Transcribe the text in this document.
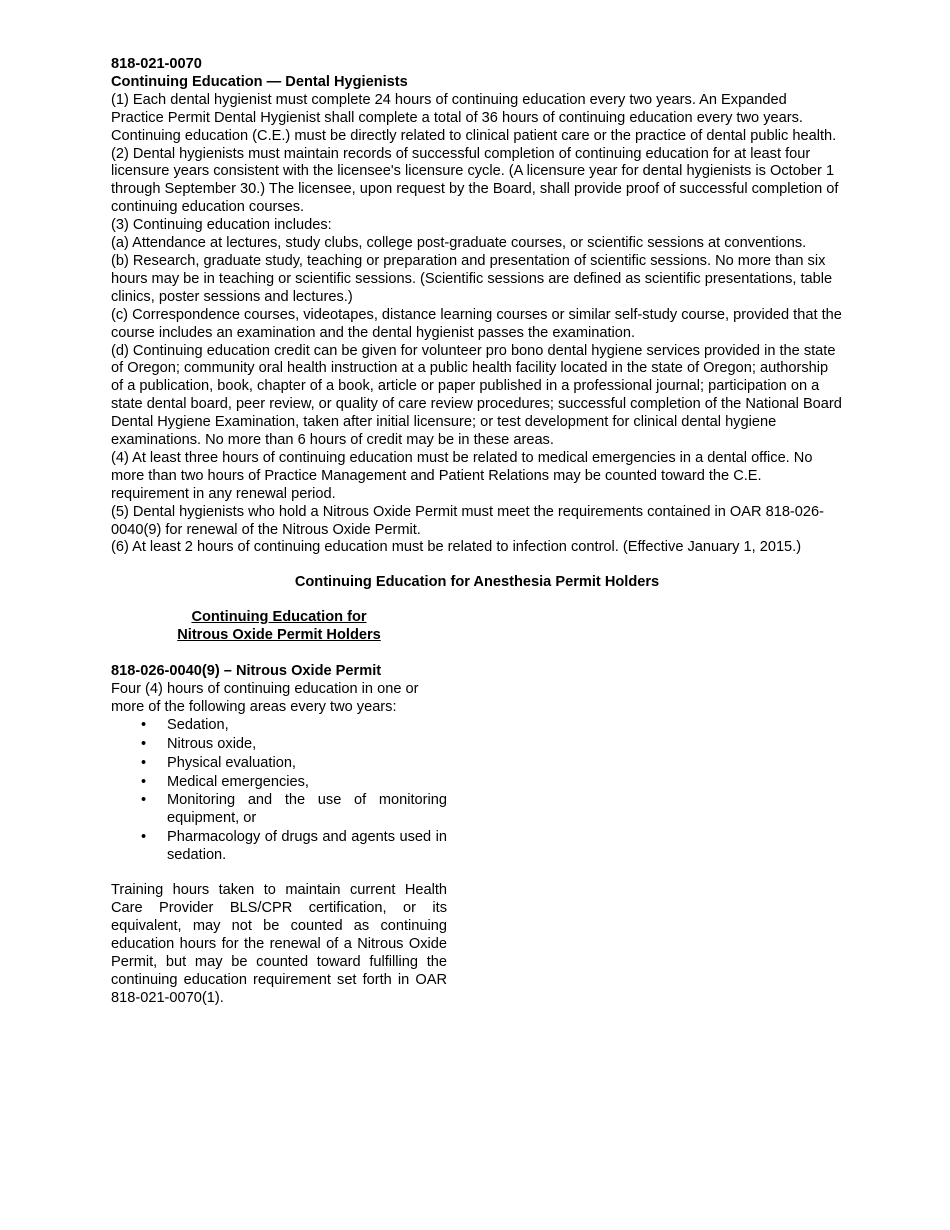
818-021-0070
Continuing Education — Dental Hygienists

(1) Each dental hygienist must complete 24 hours of continuing education every two years. An Expanded Practice Permit Dental Hygienist shall complete a total of 36 hours of continuing education every two years. Continuing education (C.E.) must be directly related to clinical patient care or the practice of dental public health.

(2) Dental hygienists must maintain records of successful completion of continuing education for at least four licensure years consistent with the licensee's licensure cycle. (A licensure year for dental hygienists is October 1 through September 30.) The licensee, upon request by the Board, shall provide proof of successful completion of continuing education courses.

(3) Continuing education includes:

(a) Attendance at lectures, study clubs, college post-graduate courses, or scientific sessions at conventions.

(b) Research, graduate study, teaching or preparation and presentation of scientific sessions. No more than six hours may be in teaching or scientific sessions. (Scientific sessions are defined as scientific presentations, table clinics, poster sessions and lectures.)

(c) Correspondence courses, videotapes, distance learning courses or similar self-study course, provided that the course includes an examination and the dental hygienist passes the examination.

(d) Continuing education credit can be given for volunteer pro bono dental hygiene services provided in the state of Oregon; community oral health instruction at a public health facility located in the state of Oregon; authorship of a publication, book, chapter of a book, article or paper published in a professional journal; participation on a state dental board, peer review, or quality of care review procedures; successful completion of the National Board Dental Hygiene Examination, taken after initial licensure; or test development for clinical dental hygiene examinations. No more than 6 hours of credit may be in these areas.

(4) At least three hours of continuing education must be related to medical emergencies in a dental office. No more than two hours of Practice Management and Patient Relations may be counted toward the C.E. requirement in any renewal period.

(5) Dental hygienists who hold a Nitrous Oxide Permit must meet the requirements contained in OAR 818-026-0040(9) for renewal of the Nitrous Oxide Permit.

(6) At least 2 hours of continuing education must be related to infection control. (Effective January 1, 2015.)

Continuing Education for Anesthesia Permit Holders
Continuing Education for
Nitrous Oxide Permit Holders
818-026-0040(9) – Nitrous Oxide Permit
Four (4) hours of continuing education in one or more of the following areas every two years:
• Sedation,
• Nitrous oxide,
• Physical evaluation,
• Medical emergencies,
• Monitoring and the use of monitoring equipment, or
• Pharmacology of drugs and agents used in sedation.

Training hours taken to maintain current Health Care Provider BLS/CPR certification, or its equivalent, may not be counted as continuing education hours for the renewal of a Nitrous Oxide Permit, but may be counted toward fulfilling the continuing education requirement set forth in OAR 818-021-0070(1).
